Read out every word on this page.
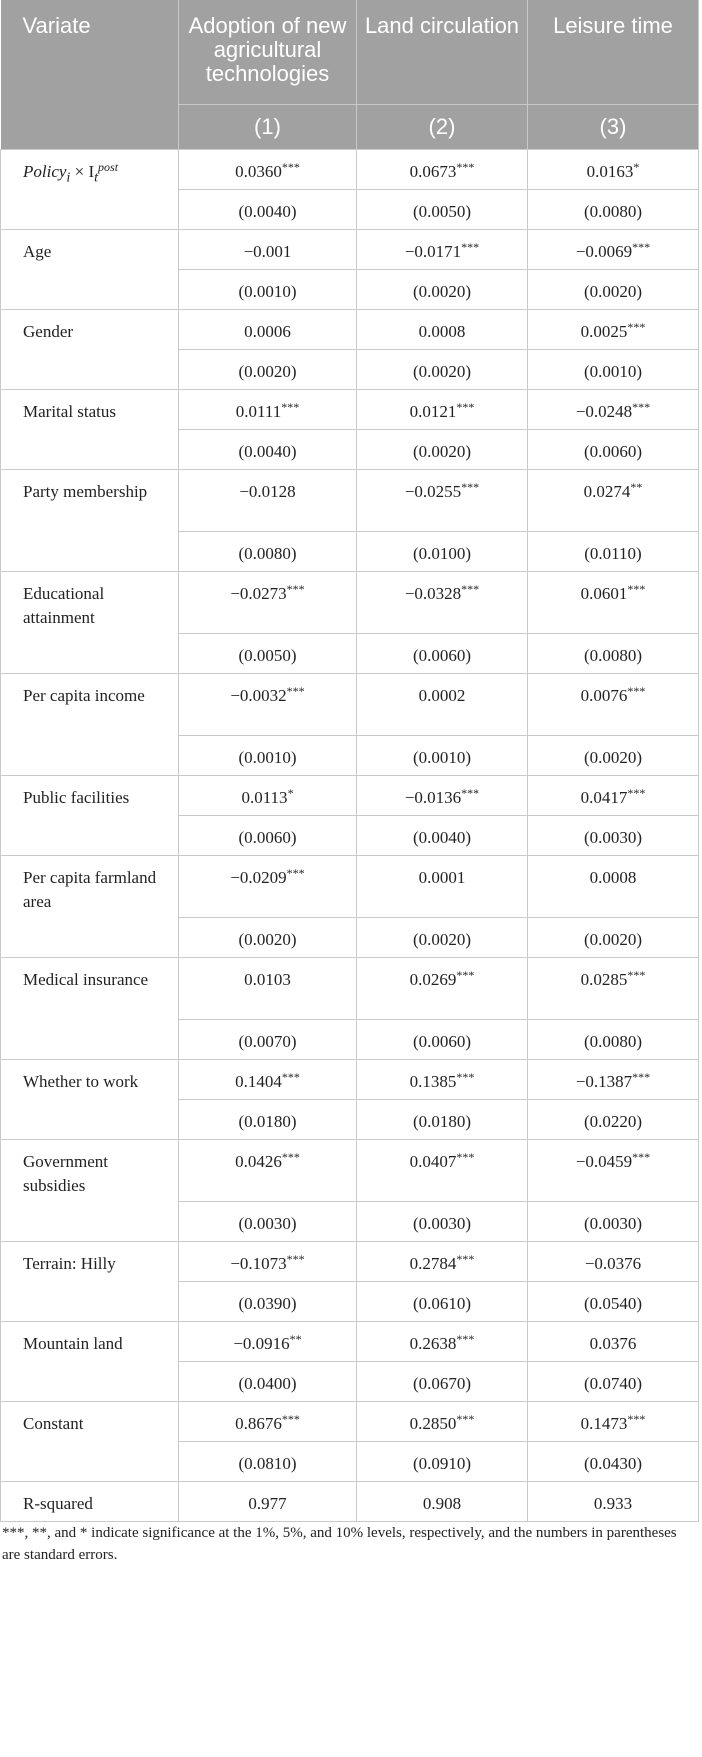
Variate	Adoption of new agricultural technologies	Land circulation	Leisure time
	(1)	(2)	(3)
Policy$_i$ × $I_t^{post}$	0.0360***	0.0673***	0.0163*
	(0.0040)	(0.0050)	(0.0080)
Age	−0.001	−0.0171***	−0.0069***
	(0.0010)	(0.0020)	(0.0020)
Gender	0.0006	0.0008	0.0025***
	(0.0020)	(0.0020)	(0.0010)
Marital status	0.0111***	0.0121***	−0.0248***
	(0.0040)	(0.0020)	(0.0060)
Party membership	−0.0128	−0.0255***	0.0274**
	(0.0080)	(0.0100)	(0.0110)
Educational attainment	−0.0273***	−0.0328***	0.0601***
	(0.0050)	(0.0060)	(0.0080)
Per capita income	−0.0032***	0.0002	0.0076***
	(0.0010)	(0.0010)	(0.0020)
Public facilities	0.0113*	−0.0136***	0.0417***
	(0.0060)	(0.0040)	(0.0030)
Per capita farmland area	−0.0209***	0.0001	0.0008
	(0.0020)	(0.0020)	(0.0020)
Medical insurance	0.0103	0.0269***	0.0285***
	(0.0070)	(0.0060)	(0.0080)
Whether to work	0.1404***	0.1385***	−0.1387***
	(0.0180)	(0.0180)	(0.0220)
Government subsidies	0.0426***	0.0407***	−0.0459***
	(0.0030)	(0.0030)	(0.0030)
Terrain: Hilly	−0.1073***	0.2784***	−0.0376
	(0.0390)	(0.0610)	(0.0540)
Mountain land	−0.0916**	0.2638***	0.0376
	(0.0400)	(0.0670)	(0.0740)
Constant	0.8676***	0.2850***	0.1473***
	(0.0810)	(0.0910)	(0.0430)
R-squared	0.977	0.908	0.933
***, **, and * indicate significance at the 1%, 5%, and 10% levels, respectively, and the numbers in parentheses are standard errors.
